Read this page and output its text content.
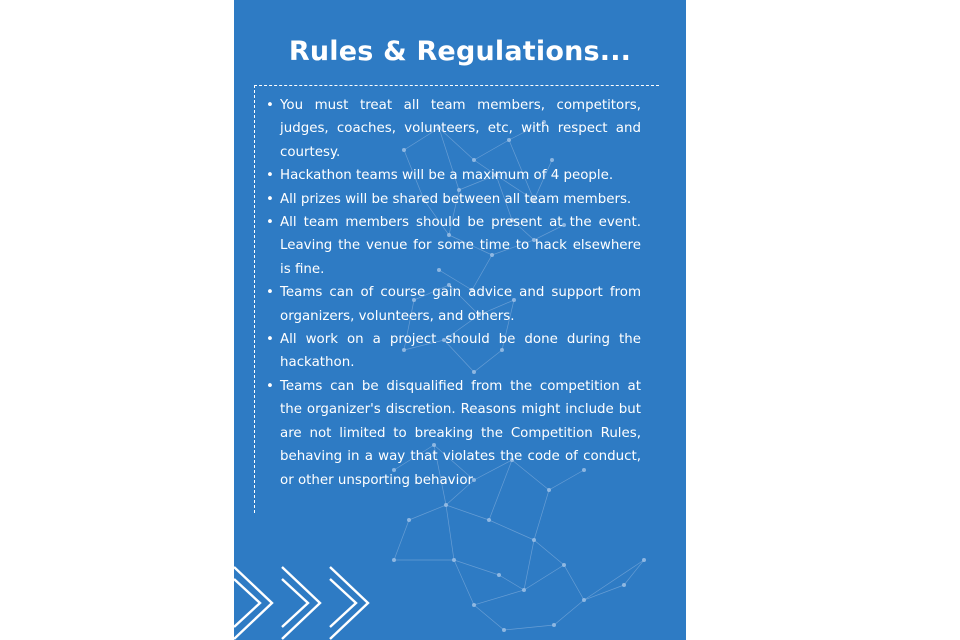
Rules & Regulations...
• You must treat all team members, competitors, judges, coaches, volunteers, etc, with respect and courtesy.
• Hackathon teams will be a maximum of 4 people.
• All prizes will be shared between all team members.
• All team members should be present at the event. Leaving the venue for some time to hack elsewhere is fine.
• Teams can of course gain advice and support from organizers, volunteers, and others.
• All work on a project should be done during the hackathon.
• Teams can be disqualified from the competition at the organizer's discretion. Reasons might include but are not limited to breaking the Competition Rules, behaving in a way that violates the code of conduct, or other unsporting behavior
